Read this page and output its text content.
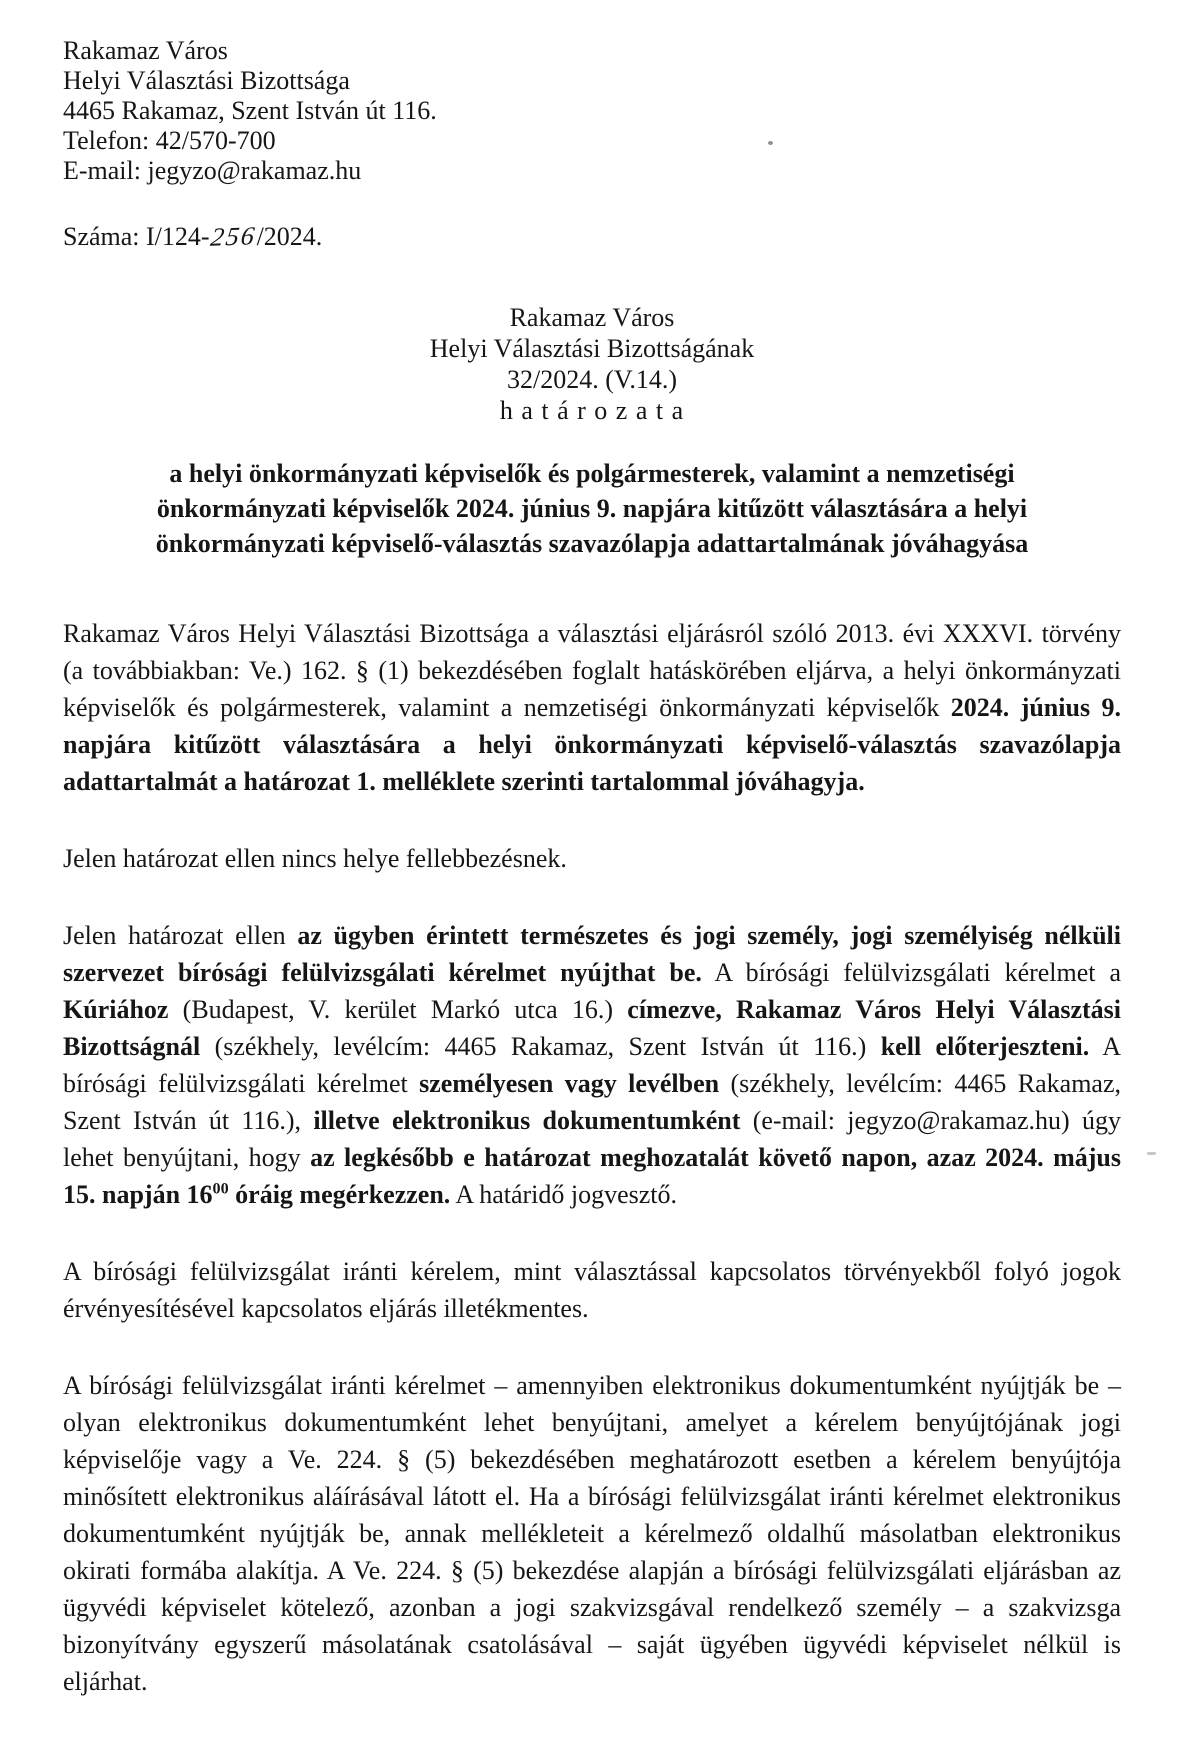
Rakamaz Város
Helyi Választási Bizottsága
4465 Rakamaz, Szent István út 116.
Telefon: 42/570-700
E-mail: jegyzo@rakamaz.hu
Száma: I/124-256/2024.
Rakamaz Város
Helyi Választási Bizottságának
32/2024. (V.14.)
h a t á r o z a t a
a helyi önkormányzati képviselők és polgármesterek, valamint a nemzetiségi önkormányzati képviselők 2024. június 9. napjára kitűzött választására a helyi önkormányzati képviselő-választás szavazólapja adattartalmának jóváhagyása

Rakamaz Város Helyi Választási Bizottsága a választási eljárásról szóló 2013. évi XXXVI. törvény (a továbbiakban: Ve.) 162. § (1) bekezdésében foglalt hatáskörében eljárva, a helyi önkormányzati képviselők és polgármesterek, valamint a nemzetiségi önkormányzati képviselők 2024. június 9. napjára kitűzött választására a helyi önkormányzati képviselő-választás szavazólapja adattartalmát a határozat 1. melléklete szerinti tartalommal jóváhagyja.

Jelen határozat ellen nincs helye fellebbezésnek.

Jelen határozat ellen az ügyben érintett természetes és jogi személy, jogi személyiség nélküli szervezet bírósági felülvizsgálati kérelmet nyújthat be. A bírósági felülvizsgálati kérelmet a Kúriához (Budapest, V. kerület Markó utca 16.) címezve, Rakamaz Város Helyi Választási Bizottságnál (székhely, levélcím: 4465 Rakamaz, Szent István út 116.) kell előterjeszteni. A bírósági felülvizsgálati kérelmet személyesen vagy levélben (székhely, levélcím: 4465 Rakamaz, Szent István út 116.), illetve elektronikus dokumentumként (e-mail: jegyzo@rakamaz.hu) úgy lehet benyújtani, hogy az legkésőbb e határozat meghozatalát követő napon, azaz 2024. május 15. napján $16^{00}$ óráig megérkezzen. A határidő jogvesztő.

A bírósági felülvizsgálat iránti kérelem, mint választással kapcsolatos törvényekből folyó jogok érvényesítésével kapcsolatos eljárás illetékmentes.

A bírósági felülvizsgálat iránti kérelmet – amennyiben elektronikus dokumentumként nyújtják be – olyan elektronikus dokumentumként lehet benyújtani, amelyet a kérelem benyújtójának jogi képviselője vagy a Ve. 224. § (5) bekezdésében meghatározott esetben a kérelem benyújtója minősített elektronikus aláírásával látott el. Ha a bírósági felülvizsgálat iránti kérelmet elektronikus dokumentumként nyújtják be, annak mellékleteit a kérelmező oldalhű másolatban elektronikus okirati formába alakítja. A Ve. 224. § (5) bekezdése alapján a bírósági felülvizsgálati eljárásban az ügyvédi képviselet kötelező, azonban a jogi szakvizsgával rendelkező személy – a szakvizsga bizonyítvány egyszerű másolatának csatolásával – saját ügyében ügyvédi képviselet nélkül is eljárhat.
